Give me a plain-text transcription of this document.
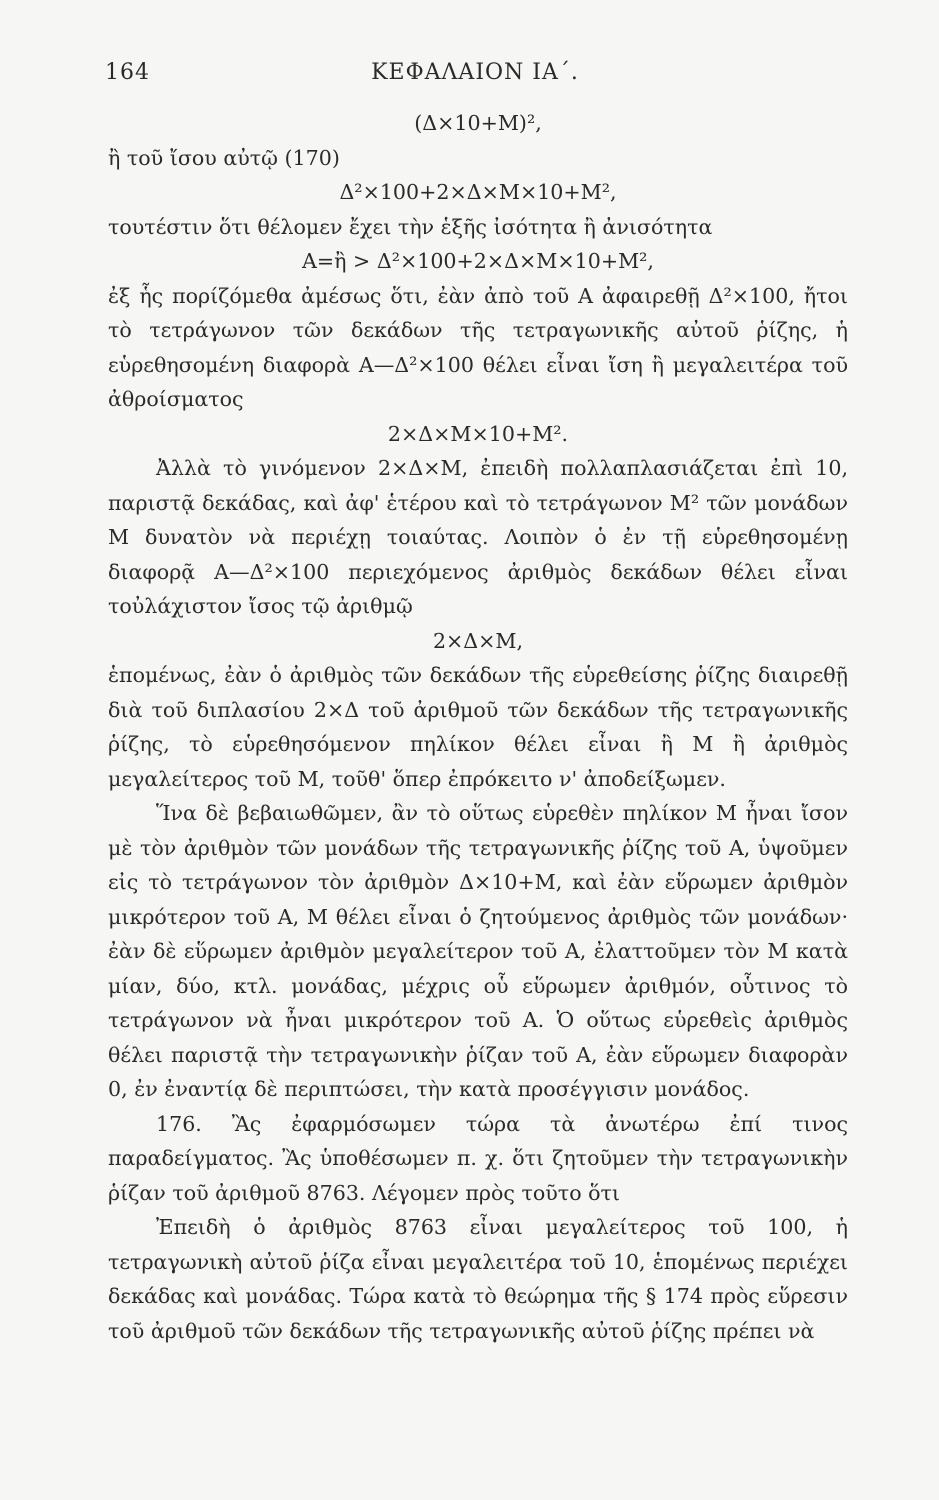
164	ΚΕΦΑΛΑΙΟΝ ΙΑ΄.

(Δ×10+Μ)²,

ἢ τοῦ ἴσου αὐτῷ (170)

Δ²×100+2×Δ×Μ×10+Μ²,

τουτέστιν ὅτι θέλομεν ἔχει τὴν ἑξῆς ἰσότητα ἢ ἀνισότητα

Α=ἢ > Δ²×100+2×Δ×Μ×10+Μ²,

ἐξ ἧς πορίζόμεθα ἀμέσως ὅτι, ἐὰν ἀπὸ τοῦ Α ἀφαιρεθῇ Δ²×100, ἤτοι τὸ τετράγωνον τῶν δεκάδων τῆς τετραγωνικῆς αὐτοῦ ῥίζης, ἡ εὑρεθησομένη διαφορὰ Α—Δ²×100 θέλει εἶναι ἴση ἢ μεγαλειτέρα τοῦ ἀθροίσματος

2×Δ×Μ×10+Μ².

Ἀλλὰ τὸ γινόμενον 2×Δ×Μ, ἐπειδὴ πολλαπλασιάζεται ἐπὶ 10, παριστᾷ δεκάδας, καὶ ἀφ' ἑτέρου καὶ τὸ τετράγωνον Μ² τῶν μονάδων Μ δυνατὸν νὰ περιέχῃ τοιαύτας. Λοιπὸν ὁ ἐν τῇ εὑρεθησομένῃ διαφορᾷ Α—Δ²×100 περιεχόμενος ἀριθμὸς δεκάδων θέλει εἶναι τοὐλάχιστον ἴσος τῷ ἀριθμῷ

2×Δ×Μ,

ἑπομένως, ἐὰν ὁ ἀριθμὸς τῶν δεκάδων τῆς εὑρεθείσης ῥίζης διαιρεθῇ διὰ τοῦ διπλασίου 2×Δ τοῦ ἀριθμοῦ τῶν δεκάδων τῆς τετραγωνικῆς ῥίζης, τὸ εὑρεθησόμενον πηλίκον θέλει εἶναι ἢ Μ ἢ ἀριθμὸς μεγαλείτερος τοῦ Μ, τοῦθ' ὅπερ ἐπρόκειτο ν' ἀποδείξωμεν.

Ἵνα δὲ βεβαιωθῶμεν, ἂν τὸ οὕτως εὑρεθὲν πηλίκον Μ ἦναι ἴσον μὲ τὸν ἀριθμὸν τῶν μονάδων τῆς τετραγωνικῆς ῥίζης τοῦ Α, ὑψοῦμεν εἰς τὸ τετράγωνον τὸν ἀριθμὸν Δ×10+Μ, καὶ ἐὰν εὕρωμεν ἀριθμὸν μικρότερον τοῦ Α, Μ θέλει εἶναι ὁ ζητούμενος ἀριθμὸς τῶν μονάδων· ἐὰν δὲ εὕρωμεν ἀριθμὸν μεγαλείτερον τοῦ Α, ἐλαττοῦμεν τὸν Μ κατὰ μίαν, δύο, κτλ. μονάδας, μέχρις οὗ εὕρωμεν ἀριθμόν, οὗτινος τὸ τετράγωνον νὰ ἦναι μικρότερον τοῦ Α. Ὁ οὕτως εὑρεθεὶς ἀριθμὸς θέλει παριστᾷ τὴν τετραγωνικὴν ῥίζαν τοῦ Α, ἐὰν εὕρωμεν διαφορὰν 0, ἐν ἐναντίᾳ δὲ περιπτώσει, τὴν κατὰ προσέγγισιν μονάδος.

176. Ἂς ἐφαρμόσωμεν τώρα τὰ ἀνωτέρω ἐπί τινος παραδείγματος. Ἂς ὑποθέσωμεν π. χ. ὅτι ζητοῦμεν τὴν τετραγωνικὴν ῥίζαν τοῦ ἀριθμοῦ 8763. Λέγομεν πρὸς τοῦτο ὅτι

Ἐπειδὴ ὁ ἀριθμὸς 8763 εἶναι μεγαλείτερος τοῦ 100, ἡ τετραγωνικὴ αὐτοῦ ῥίζα εἶναι μεγαλειτέρα τοῦ 10, ἑπομένως περιέχει δεκάδας καὶ μονάδας. Τώρα κατὰ τὸ θεώρημα τῆς § 174 πρὸς εὕρεσιν τοῦ ἀριθμοῦ τῶν δεκάδων τῆς τετραγωνικῆς αὐτοῦ ῥίζης πρέπει νὰ
